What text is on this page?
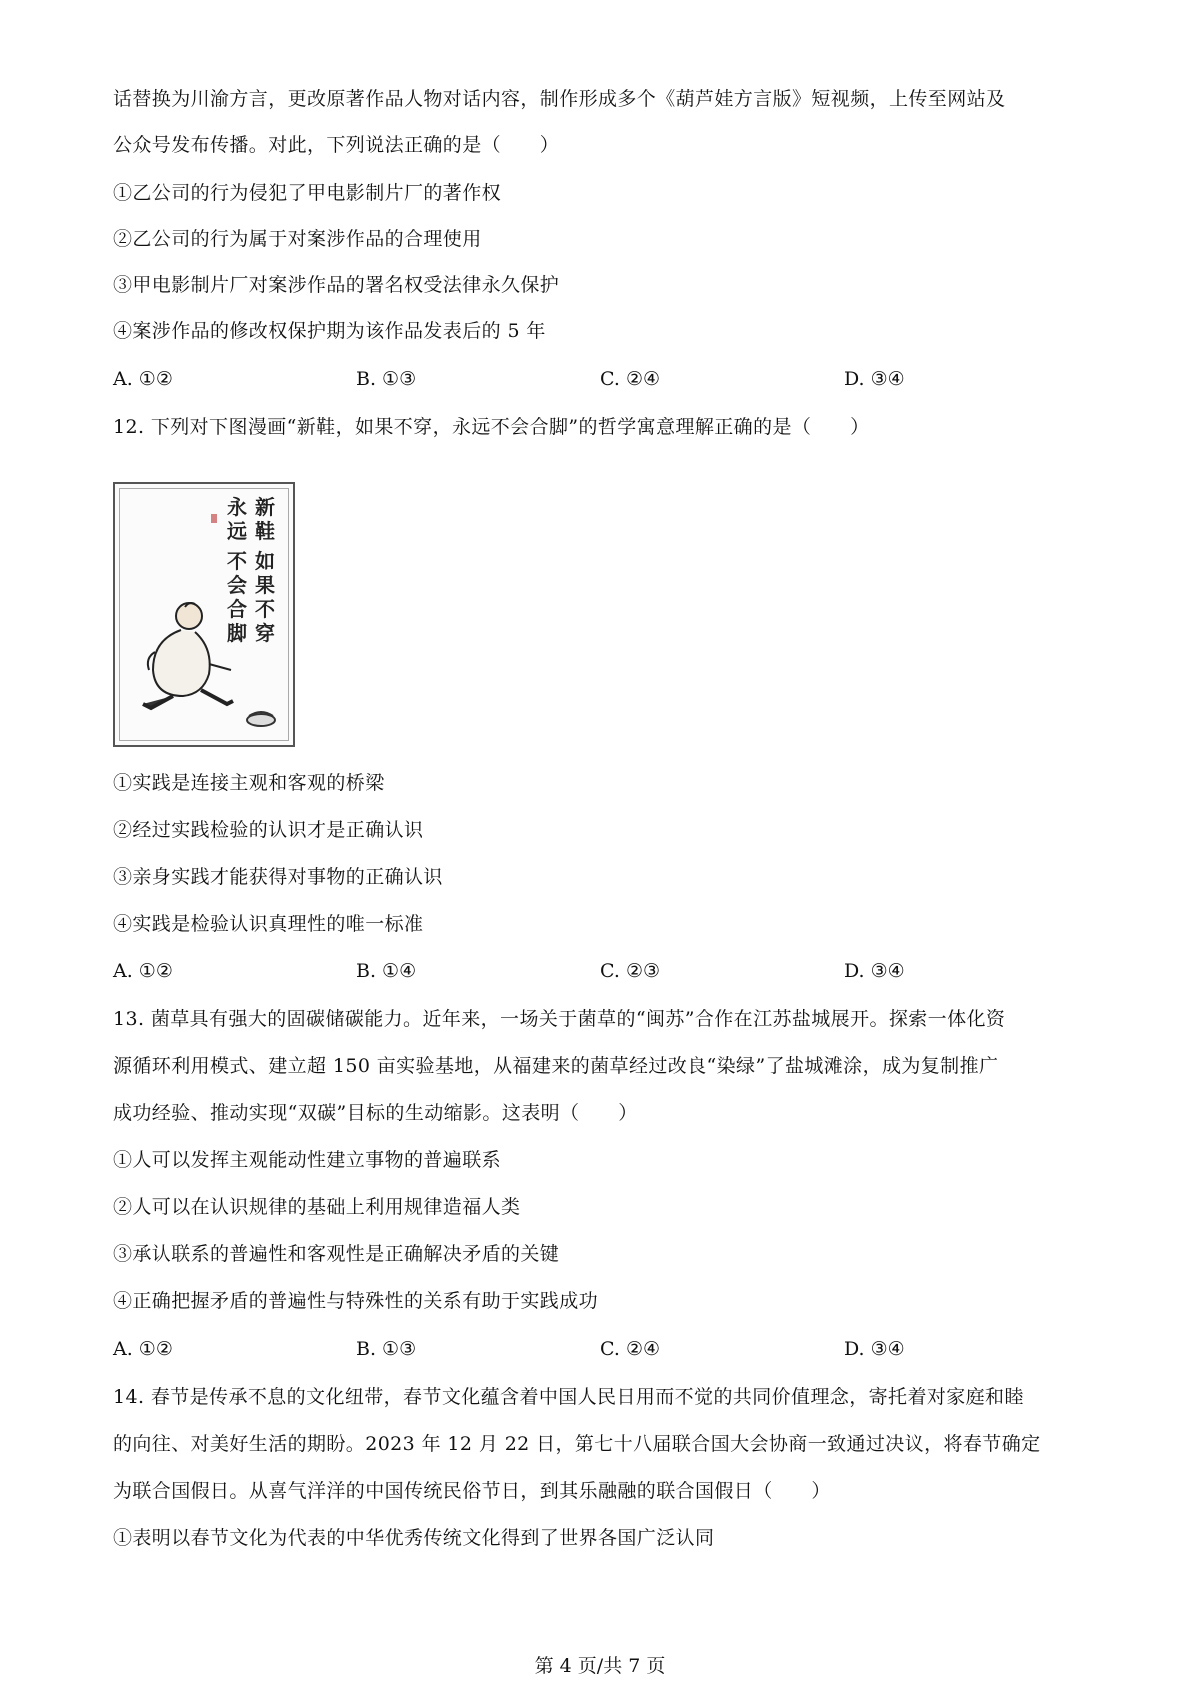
话替换为川渝方言，更改原著作品人物对话内容，制作形成多个《葫芦娃方言版》短视频，上传至网站及
公众号发布传播。对此，下列说法正确的是（　　）
①乙公司的行为侵犯了甲电影制片厂的著作权
②乙公司的行为属于对案涉作品的合理使用
③甲电影制片厂对案涉作品的署名权受法律永久保护
④案涉作品的修改权保护期为该作品发表后的 5 年
A. ①②	B. ①③	C. ②④	D. ③④
12. 下列对下图漫画“新鞋，如果不穿，永远不会合脚”的哲学寓意理解正确的是（　　）
新
鞋
如
果
不
穿
永
远
不
会
合
脚
①实践是连接主观和客观的桥梁
②经过实践检验的认识才是正确认识
③亲身实践才能获得对事物的正确认识
④实践是检验认识真理性的唯一标准
A. ①②	B. ①④	C. ②③	D. ③④
13. 菌草具有强大的固碳储碳能力。近年来，一场关于菌草的“闽苏”合作在江苏盐城展开。探索一体化资
源循环利用模式、建立超 150 亩实验基地，从福建来的菌草经过改良“染绿”了盐城滩涂，成为复制推广
成功经验、推动实现“双碳”目标的生动缩影。这表明（　　）
①人可以发挥主观能动性建立事物的普遍联系
②人可以在认识规律的基础上利用规律造福人类
③承认联系的普遍性和客观性是正确解决矛盾的关键
④正确把握矛盾的普遍性与特殊性的关系有助于实践成功
A. ①②	B. ①③	C. ②④	D. ③④
14. 春节是传承不息的文化纽带，春节文化蕴含着中国人民日用而不觉的共同价值理念，寄托着对家庭和睦
的向往、对美好生活的期盼。2023 年 12 月 22 日，第七十八届联合国大会协商一致通过决议，将春节确定
为联合国假日。从喜气洋洋的中国传统民俗节日，到其乐融融的联合国假日（　　）
①表明以春节文化为代表的中华优秀传统文化得到了世界各国广泛认同
第 4 页/共 7 页
